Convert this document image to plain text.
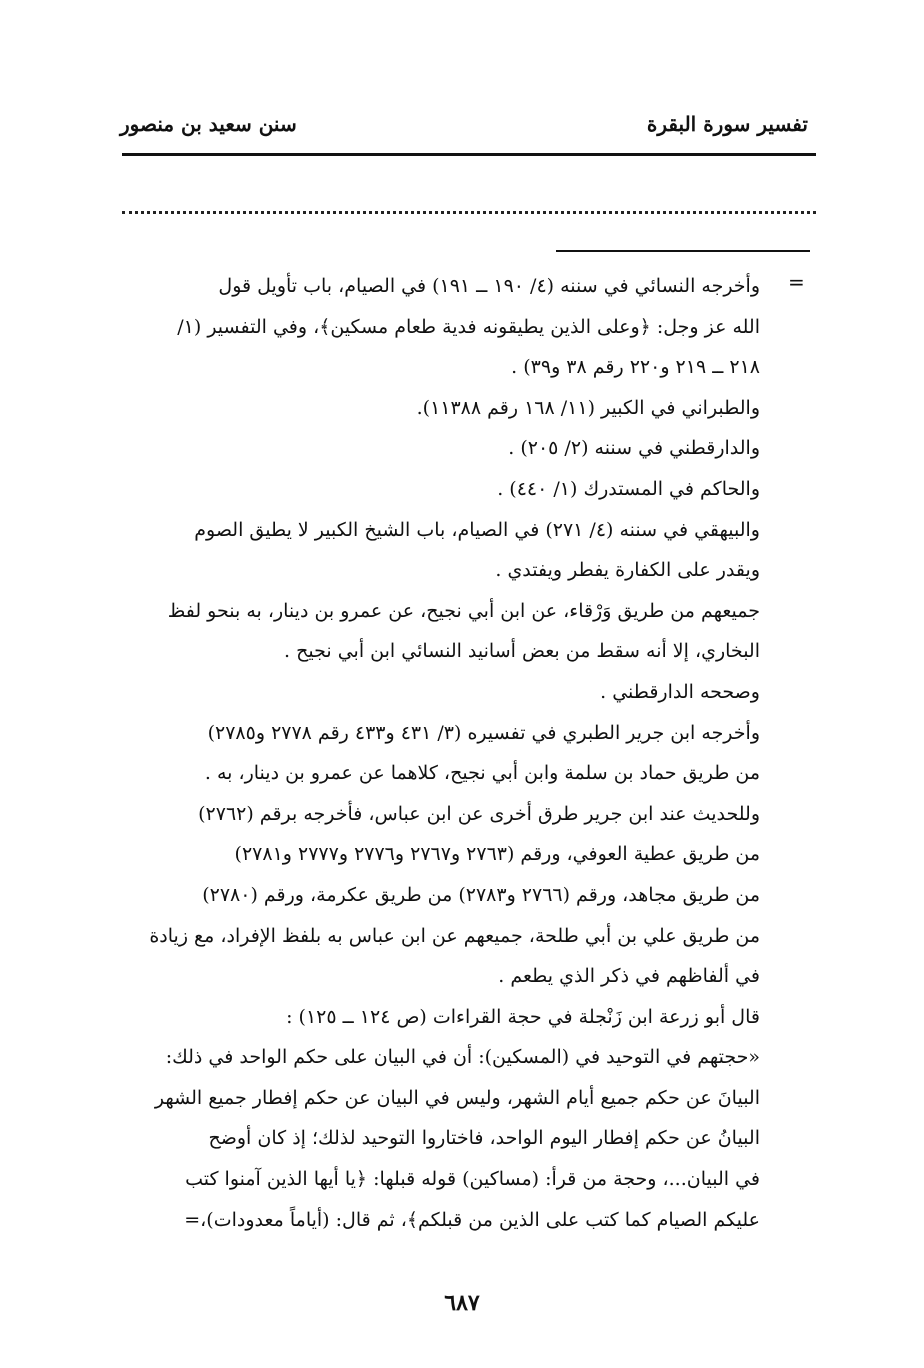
تفسير سورة البقرة
سنن سعيد بن منصور
=
وأخرجه النسائي في سننه (٤/ ١٩٠ ــ ١٩١) في الصيام، باب تأويل قول
الله عز وجل: ﴿وعلى الذين يطيقونه فدية طعام مسكين﴾، وفي التفسير (١/
٢١٨ ــ ٢١٩ و٢٢٠ رقم ٣٨ و٣٩) .
والطبراني في الكبير (١١/ ١٦٨ رقم ١١٣٨٨).
والدارقطني في سننه (٢/ ٢٠٥) .
والحاكم في المستدرك (١/ ٤٤٠) .
والبيهقي في سننه (٤/ ٢٧١) في الصيام، باب الشيخ الكبير لا يطيق الصوم
ويقدر على الكفارة يفطر ويفتدي .
جميعهم من طريق وَرْقاء، عن ابن أبي نجيح، عن عمرو بن دينار، به بنحو لفظ
البخاري، إلا أنه سقط من بعض أسانيد النسائي ابن أبي نجيح .
وصححه الدارقطني .
وأخرجه ابن جرير الطبري في تفسيره (٣/ ٤٣١ و٤٣٣ رقم ٢٧٧٨ و٢٧٨٥)
من طريق حماد بن سلمة وابن أبي نجيح، كلاهما عن عمرو بن دينار، به .
وللحديث عند ابن جرير طرق أخرى عن ابن عباس، فأخرجه برقم (٢٧٦٢)
من طريق عطية العوفي، ورقم (٢٧٦٣ و٢٧٦٧ و٢٧٧٦ و٢٧٧٧ و٢٧٨١)
من طريق مجاهد، ورقم (٢٧٦٦ و٢٧٨٣) من طريق عكرمة، ورقم (٢٧٨٠)
من طريق علي بن أبي طلحة، جميعهم عن ابن عباس به بلفظ الإفراد، مع زيادة
في ألفاظهم في ذكر الذي يطعم .
قال أبو زرعة ابن زَنْجلة في حجة القراءات (ص ١٢٤ ــ ١٢٥) :
«حجتهم في التوحيد في (المسكين): أن في البيان على حكم الواحد في ذلك:
البيانَ عن حكم جميع أيام الشهر، وليس في البيان عن حكم إفطار جميع الشهر
البيانُ عن حكم إفطار اليوم الواحد، فاختاروا التوحيد لذلك؛ إذ كان أوضح
في البيان...، وحجة من قرأ: (مساكين) قوله قبلها: ﴿يا أيها الذين آمنوا كتب
عليكم الصيام كما كتب على الذين من قبلكم﴾، ثم قال: (أياماً معدودات)،=
٦٨٧
